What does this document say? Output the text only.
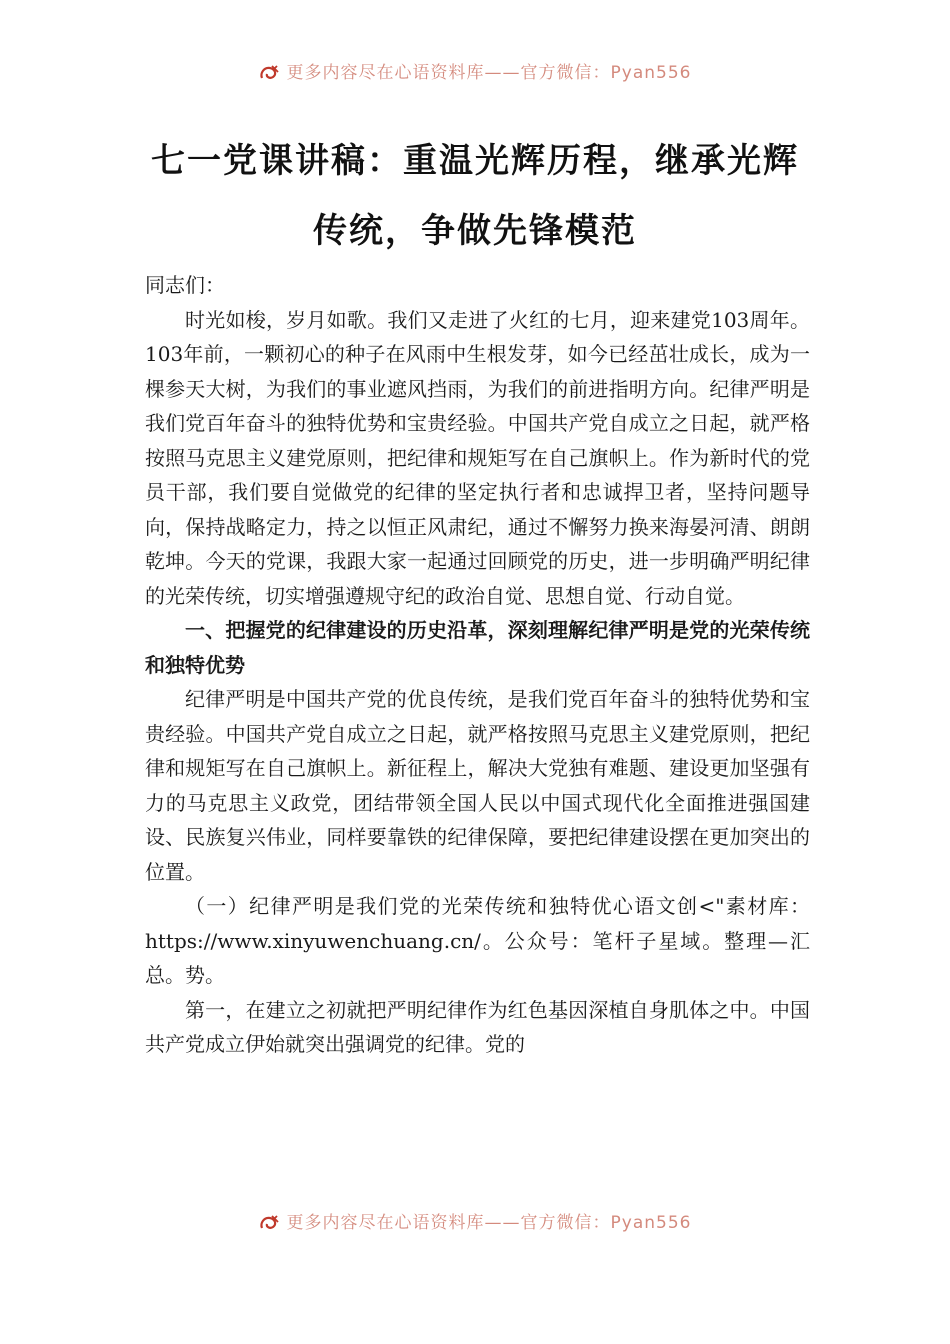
更多内容尽在心语资料库——官方微信：Pyan556
七一党课讲稿：重温光辉历程，继承光辉
传统，争做先锋模范

同志们：

时光如梭，岁月如歌。我们又走进了火红的七月，迎来建党103周年。103年前，一颗初心的种子在风雨中生根发芽，如今已经茁壮成长，成为一棵参天大树，为我们的事业遮风挡雨，为我们的前进指明方向。纪律严明是我们党百年奋斗的独特优势和宝贵经验。中国共产党自成立之日起，就严格按照马克思主义建党原则，把纪律和规矩写在自己旗帜上。作为新时代的党员干部，我们要自觉做党的纪律的坚定执行者和忠诚捍卫者，坚持问题导向，保持战略定力，持之以恒正风肃纪，通过不懈努力换来海晏河清、朗朗乾坤。今天的党课，我跟大家一起通过回顾党的历史，进一步明确严明纪律的光荣传统，切实增强遵规守纪的政治自觉、思想自觉、行动自觉。

一、把握党的纪律建设的历史沿革，深刻理解纪律严明是党的光荣传统和独特优势

纪律严明是中国共产党的优良传统，是我们党百年奋斗的独特优势和宝贵经验。中国共产党自成立之日起，就严格按照马克思主义建党原则，把纪律和规矩写在自己旗帜上。新征程上，解决大党独有难题、建设更加坚强有力的马克思主义政党，团结带领全国人民以中国式现代化全面推进强国建设、民族复兴伟业，同样要靠铁的纪律保障，要把纪律建设摆在更加突出的位置。

（一）纪律严明是我们党的光荣传统和独特优心语文创<"素材库：https://www.xinyuwenchuang.cn/。公众号：笔杆子星域。整理—汇总。势。

第一，在建立之初就把严明纪律作为红色基因深植自身肌体之中。中国共产党成立伊始就突出强调党的纪律。党的

更多内容尽在心语资料库——官方微信：Pyan556
